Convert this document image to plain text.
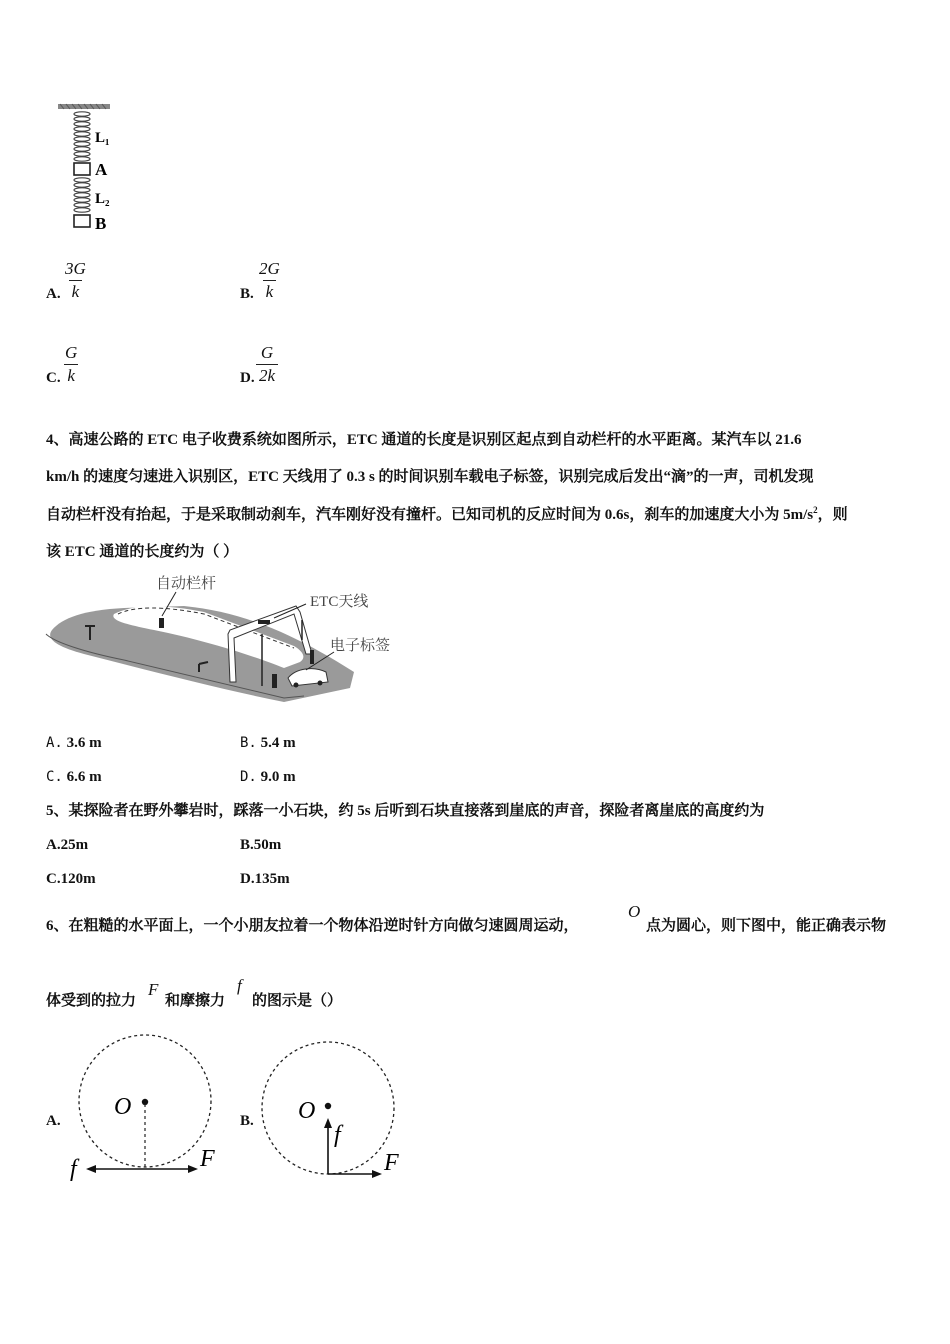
L₁
A
L₂
B
A. $\frac{3G}{k}$	B. $\frac{2G}{k}$
C. $\frac{G}{k}$	D. $\frac{G}{2k}$
4、高速公路的 ETC 电子收费系统如图所示，ETC 通道的长度是识别区起点到自动栏杆的水平距离。某汽车以 21.6
km/h 的速度匀速进入识别区，ETC 天线用了 0.3 s 的时间识别车载电子标签，识别完成后发出“滴”的一声，司机发现
自动栏杆没有抬起，于是采取制动刹车，汽车刚好没有撞杆。已知司机的反应时间为 0.6s，刹车的加速度大小为 $5m/s^2$，则
该 ETC 通道的长度约为（ ）
自动栏杆
ETC天线
电子标签
A. 3.6 m	B. 5.4 m
C. 6.6 m	D. 9.0 m
5、某探险者在野外攀岩时，踩落一小石块，约 5s 后听到石块直接落到崖底的声音，探险者离崖底的高度约为
A.25m	B.50m
C.120m	D.135m
6、在粗糙的水平面上，一个小朋友拉着一个物体沿逆时针方向做匀速圆周运动，
O
点为圆心，则下图中，能正确表示物
体受到的拉力
F
和摩擦力
f
的图示是（）
A.
O
f	F
B. O
f
F
